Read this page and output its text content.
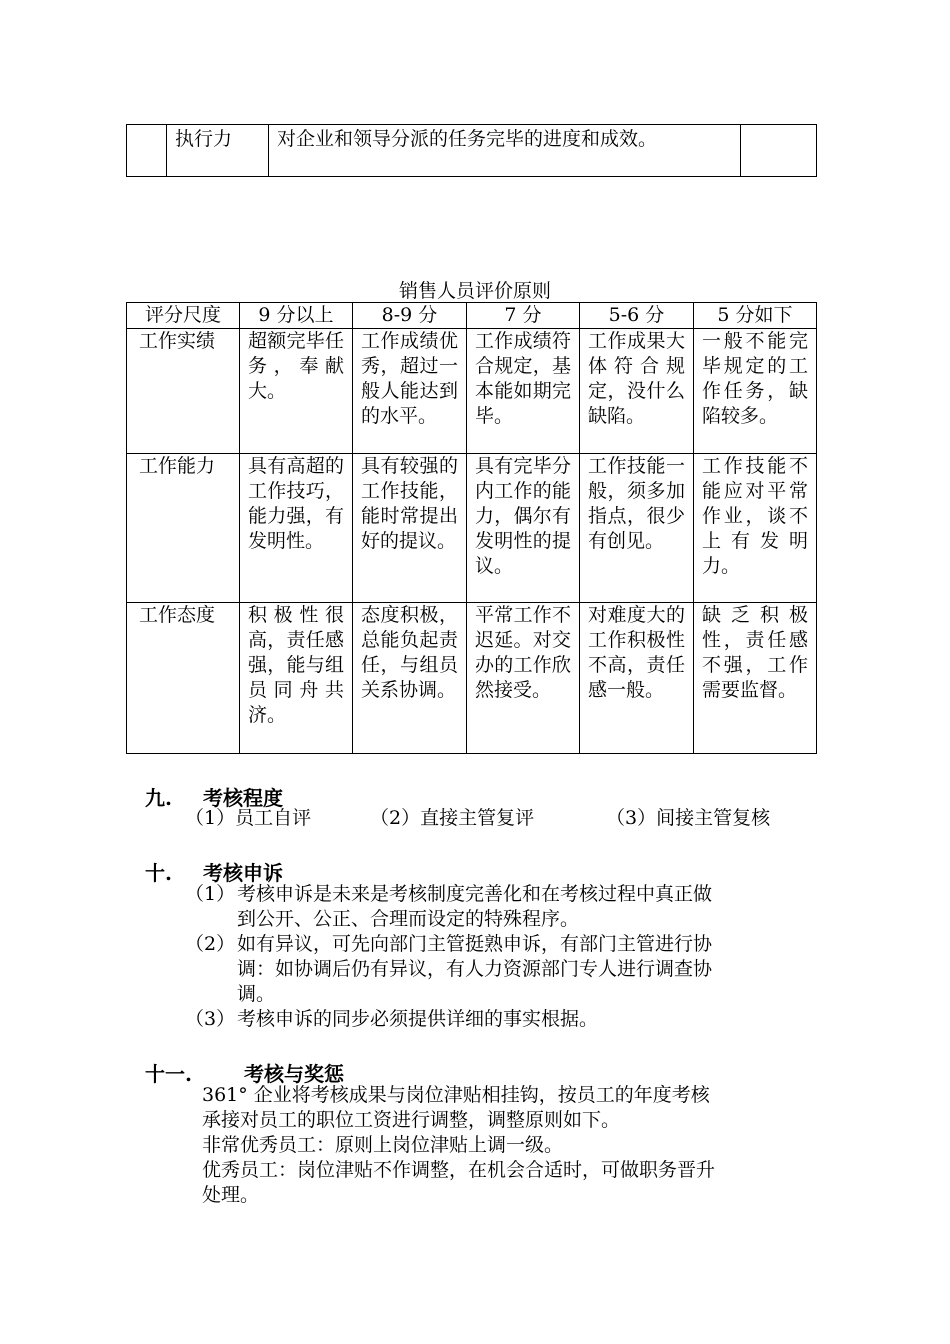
	执行力	对企业和领导分派的任务完毕的进度和成效。	
销售人员评价原则
评分尺度	9 分以上	8-9 分	7 分	5-6 分	5 分如下
工作实绩	超额完毕任务，奉献大。	工作成绩优秀，超过一般人能达到的水平。	工作成绩符合规定，基本能如期完毕。	工作成果大体符合规定，没什么缺陷。	一般不能完毕规定的工作任务，缺陷较多。
工作能力	具有高超的工作技巧，能力强，有发明性。	具有较强的工作技能，能时常提出好的提议。	具有完毕分内工作的能力，偶尔有发明性的提议。	工作技能一般，须多加指点，很少有创见。	工作技能不能应对平常作业，谈不上有发明力。
工作态度	积极性很高，责任感强，能与组员同舟共济。	态度积极，总能负起责任，与组员关系协调。	平常工作不迟延。对交办的工作欣然接受。	对难度大的工作积极性不高，责任感一般。	缺乏积极性，责任感不强，工作需要监督。
九. 考核程度
（1）员工自评	（2）直接主管复评	（3）间接主管复核
十. 考核申诉
（1） 考核申诉是未来是考核制度完善化和在考核过程中真正做
到公开、公正、合理而设定的特殊程序。
（2） 如有异议，可先向部门主管挺熟申诉，有部门主管进行协
调：如协调后仍有异议，有人力资源部门专人进行调查协
调。
（3） 考核申诉的同步必须提供详细的事实根据。
十一.	考核与奖惩
361° 企业将考核成果与岗位津贴相挂钩，按员工的年度考核
承接对员工的职位工资进行调整，调整原则如下。
非常优秀员工：原则上岗位津贴上调一级。
优秀员工：岗位津贴不作调整，在机会合适时，可做职务晋升
处理。
